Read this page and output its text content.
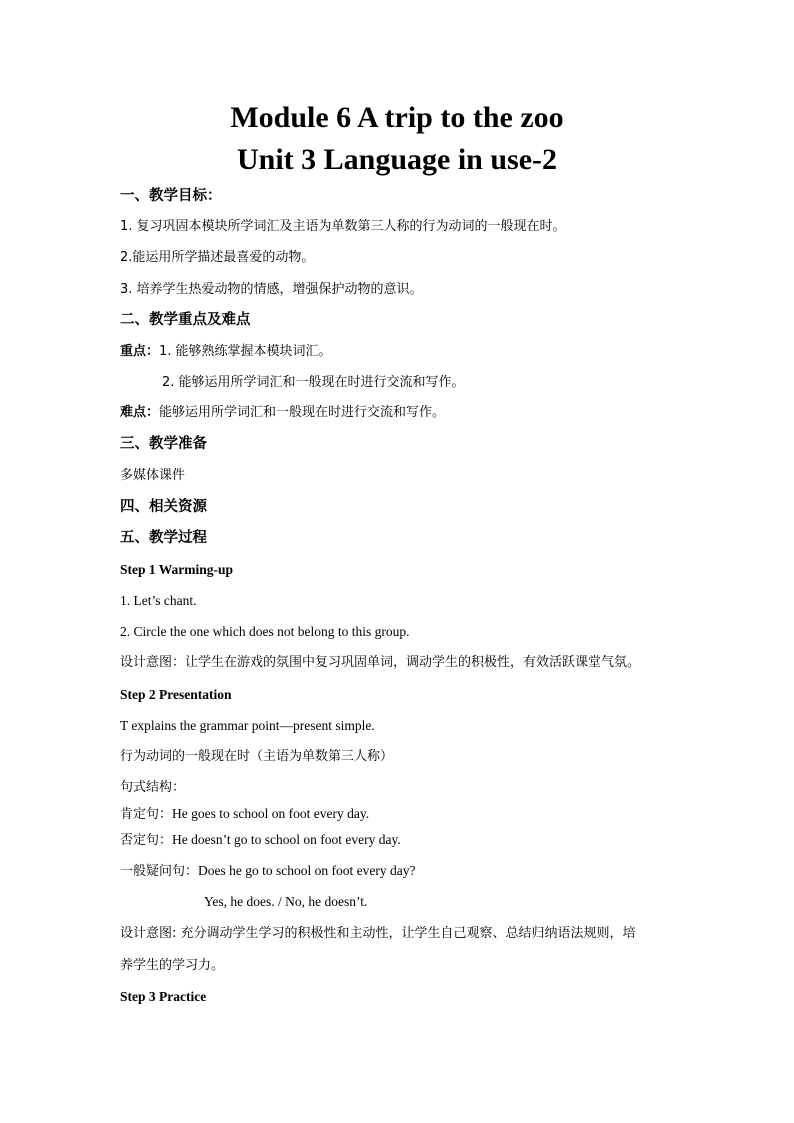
Module 6 A trip to the zoo
Unit 3 Language in use-2
一、教学目标：
1. 复习巩固本模块所学词汇及主语为单数第三人称的行为动词的一般现在时。
2.能运用所学描述最喜爱的动物。
3. 培养学生热爱动物的情感，增强保护动物的意识。
二、教学重点及难点
重点：1. 能够熟练掌握本模块词汇。
2. 能够运用所学词汇和一般现在时进行交流和写作。
难点：能够运用所学词汇和一般现在时进行交流和写作。
三、教学准备
多媒体课件
四、相关资源
五、教学过程
Step 1 Warming-up
1. Let’s chant.
2. Circle the one which does not belong to this group.
设计意图：让学生在游戏的氛围中复习巩固单词，调动学生的积极性，有效活跃课堂气氛。
Step 2 Presentation
T explains the grammar point—present simple.
行为动词的一般现在时（主语为单数第三人称）
句式结构：
肯定句：He goes to school on foot every day.
否定句：He doesn’t go to school on foot every day.
一般疑问句：Does he go to school on foot every day?
Yes, he does. / No, he doesn’t.
设计意图: 充分调动学生学习的积极性和主动性，让学生自己观察、总结归纳语法规则，培
养学生的学习力。
Step 3 Practice
